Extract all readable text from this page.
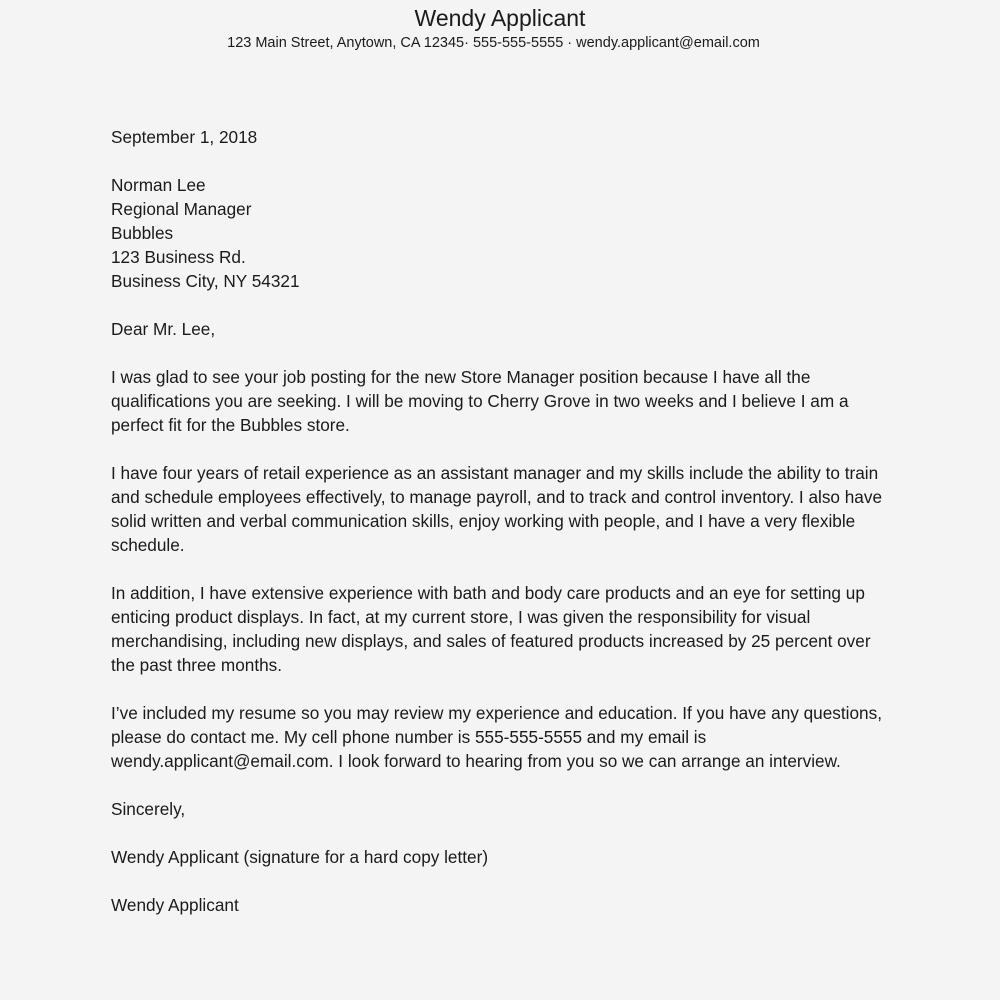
Wendy Applicant
123 Main Street, Anytown, CA 12345· 555-555-5555 · wendy.applicant@email.com

September 1, 2018

Norman Lee
Regional Manager
Bubbles
123 Business Rd.
Business City, NY 54321

Dear Mr. Lee,

I was glad to see your job posting for the new Store Manager position because I have all the qualifications you are seeking. I will be moving to Cherry Grove in two weeks and I believe I am a perfect fit for the Bubbles store.

I have four years of retail experience as an assistant manager and my skills include the ability to train and schedule employees effectively, to manage payroll, and to track and control inventory. I also have solid written and verbal communication skills, enjoy working with people, and I have a very flexible schedule.

In addition, I have extensive experience with bath and body care products and an eye for setting up enticing product displays. In fact, at my current store, I was given the responsibility for visual merchandising, including new displays, and sales of featured products increased by 25 percent over the past three months.

I’ve included my resume so you may review my experience and education. If you have any questions, please do contact me. My cell phone number is 555-555-5555 and my email is wendy.applicant@email.com. I look forward to hearing from you so we can arrange an interview.

Sincerely,

Wendy Applicant (signature for a hard copy letter)

Wendy Applicant
